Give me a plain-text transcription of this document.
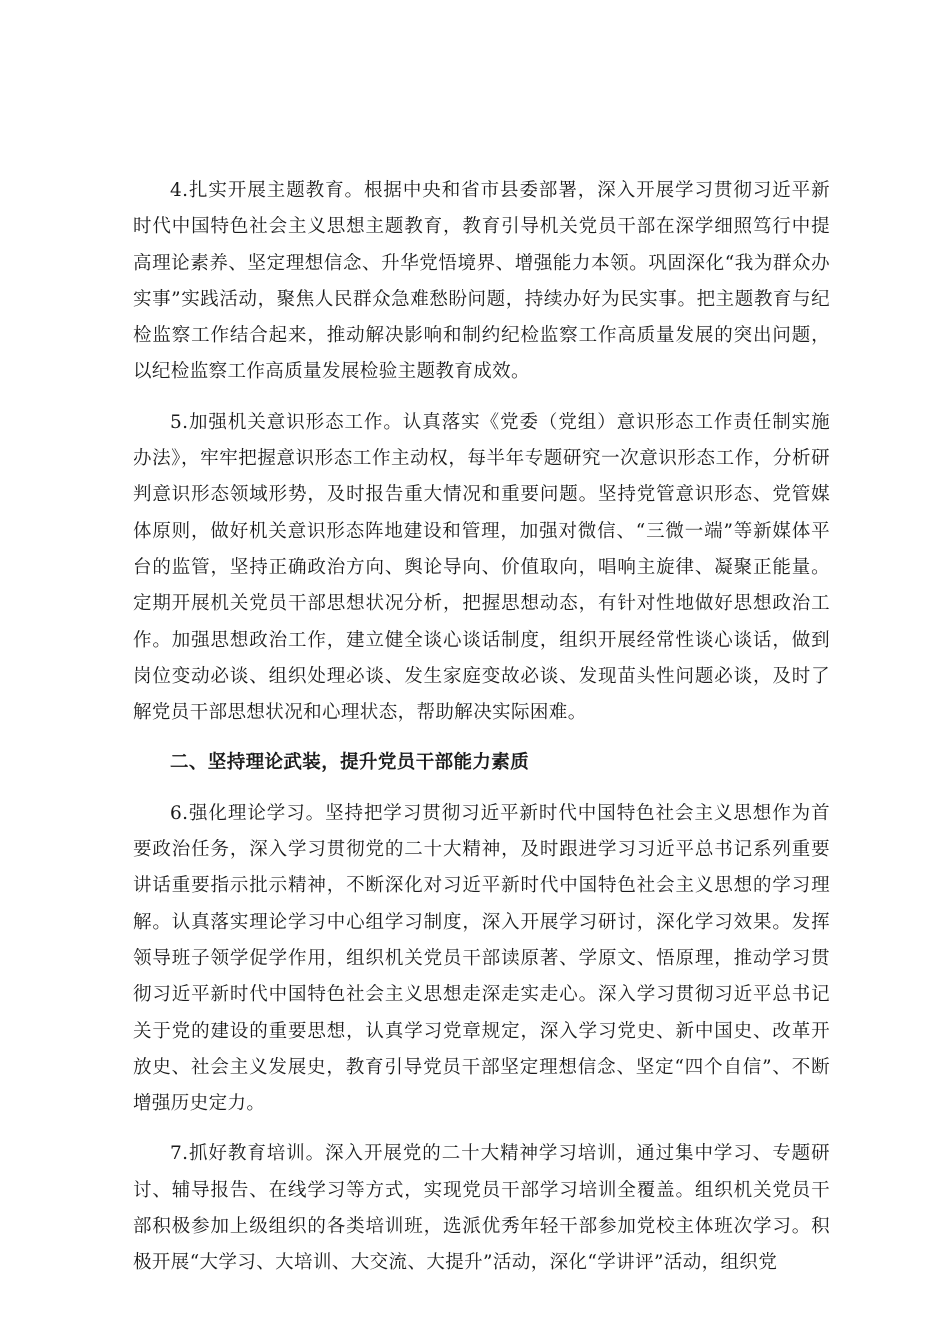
4.扎实开展主题教育。根据中央和省市县委部署，深入开展学习贯彻习近平新时代中国特色社会主义思想主题教育，教育引导机关党员干部在深学细照笃行中提高理论素养、坚定理想信念、升华党悟境界、增强能力本领。巩固深化“我为群众办实事”实践活动，聚焦人民群众急难愁盼问题，持续办好为民实事。把主题教育与纪检监察工作结合起来，推动解决影响和制约纪检监察工作高质量发展的突出问题，以纪检监察工作高质量发展检验主题教育成效。

5.加强机关意识形态工作。认真落实《党委（党组）意识形态工作责任制实施办法》，牢牢把握意识形态工作主动权，每半年专题研究一次意识形态工作，分析研判意识形态领域形势，及时报告重大情况和重要问题。坚持党管意识形态、党管媒体原则，做好机关意识形态阵地建设和管理，加强对微信、“三微一端”等新媒体平台的监管，坚持正确政治方向、舆论导向、价值取向，唱响主旋律、凝聚正能量。定期开展机关党员干部思想状况分析，把握思想动态，有针对性地做好思想政治工作。加强思想政治工作，建立健全谈心谈话制度，组织开展经常性谈心谈话，做到岗位变动必谈、组织处理必谈、发生家庭变故必谈、发现苗头性问题必谈，及时了解党员干部思想状况和心理状态，帮助解决实际困难。

二、坚持理论武装，提升党员干部能力素质

6.强化理论学习。坚持把学习贯彻习近平新时代中国特色社会主义思想作为首要政治任务，深入学习贯彻党的二十大精神，及时跟进学习习近平总书记系列重要讲话重要指示批示精神，不断深化对习近平新时代中国特色社会主义思想的学习理解。认真落实理论学习中心组学习制度，深入开展学习研讨，深化学习效果。发挥领导班子领学促学作用，组织机关党员干部读原著、学原文、悟原理，推动学习贯彻习近平新时代中国特色社会主义思想走深走实走心。深入学习贯彻习近平总书记关于党的建设的重要思想，认真学习党章规定，深入学习党史、新中国史、改革开放史、社会主义发展史，教育引导党员干部坚定理想信念、坚定“四个自信”、不断增强历史定力。

7.抓好教育培训。深入开展党的二十大精神学习培训，通过集中学习、专题研讨、辅导报告、在线学习等方式，实现党员干部学习培训全覆盖。组织机关党员干部积极参加上级组织的各类培训班，选派优秀年轻干部参加党校主体班次学习。积极开展“大学习、大培训、大交流、大提升”活动，深化“学讲评”活动，组织党
